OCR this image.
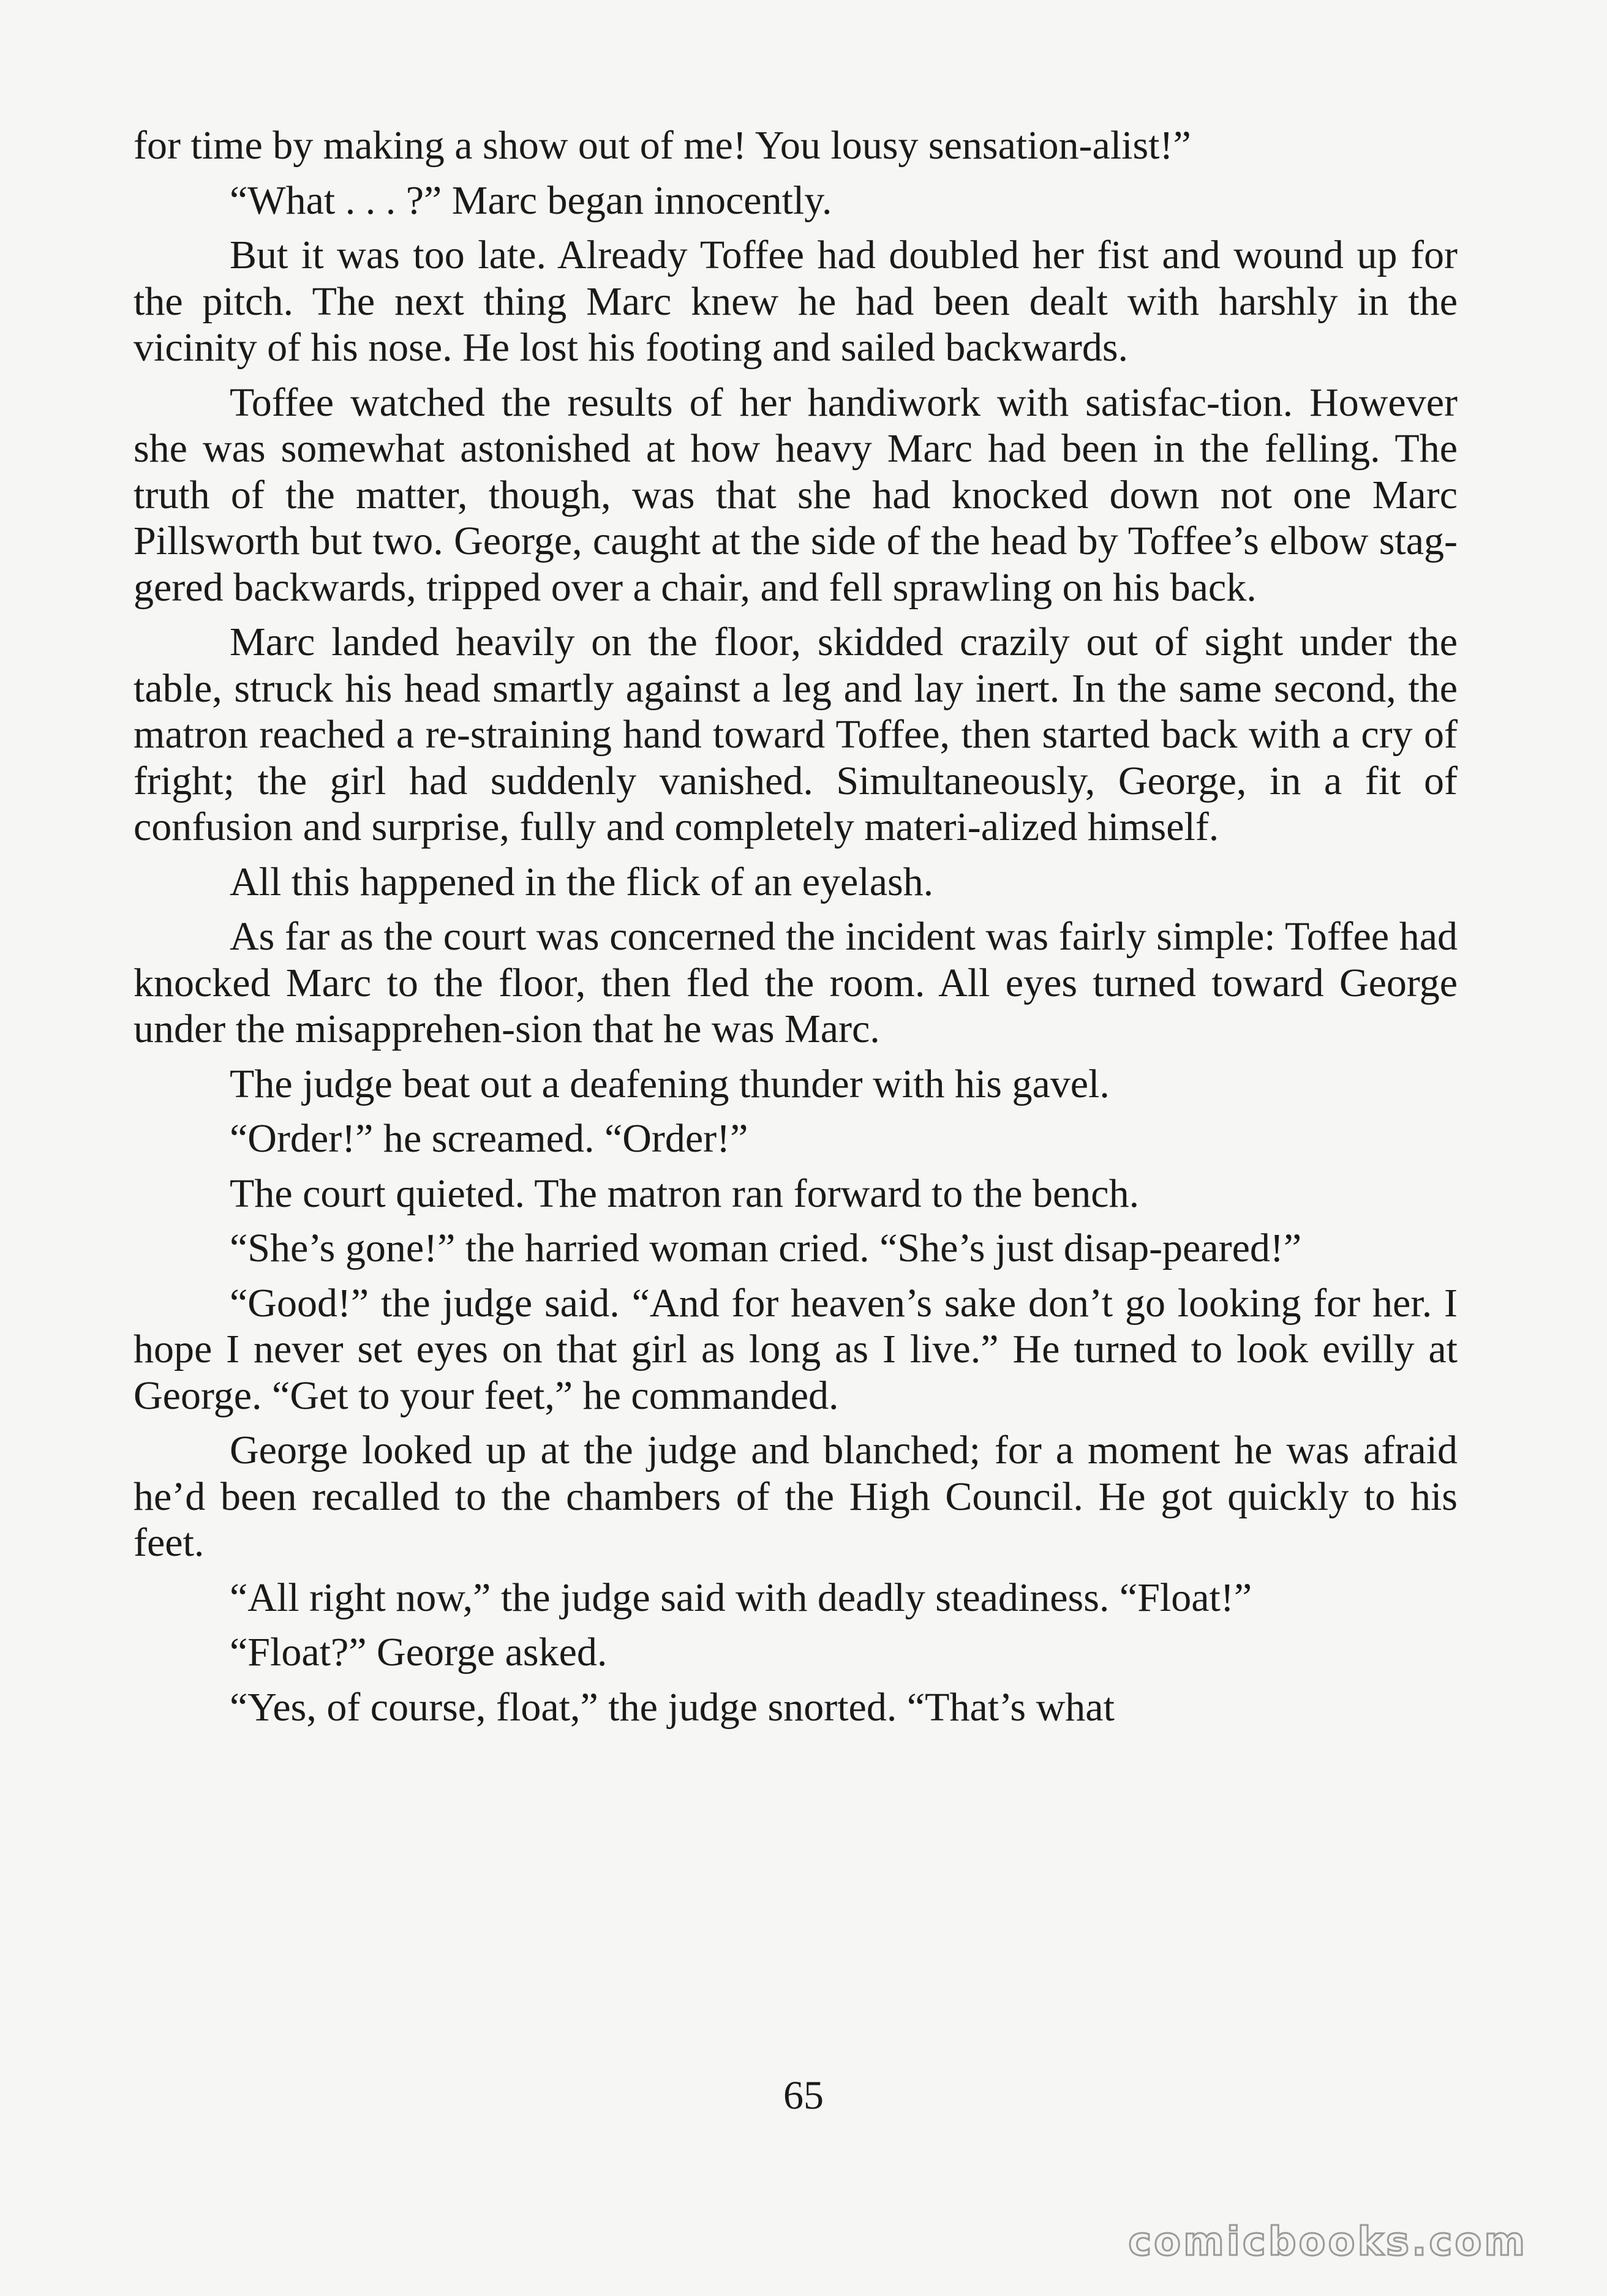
for time by making a show out of me! You lousy sensation-alist!”

“What . . . ?” Marc began innocently.

But it was too late. Already Toffee had doubled her fist and wound up for the pitch. The next thing Marc knew he had been dealt with harshly in the vicinity of his nose. He lost his footing and sailed backwards.

Toffee watched the results of her handiwork with satisfac-tion. However she was somewhat astonished at how heavy Marc had been in the felling. The truth of the matter, though, was that she had knocked down not one Marc Pillsworth but two. George, caught at the side of the head by Toffee’s elbow stag-gered backwards, tripped over a chair, and fell sprawling on his back.

Marc landed heavily on the floor, skidded crazily out of sight under the table, struck his head smartly against a leg and lay inert. In the same second, the matron reached a re-straining hand toward Toffee, then started back with a cry of fright; the girl had suddenly vanished. Simultaneously, George, in a fit of confusion and surprise, fully and completely materi-alized himself.

All this happened in the flick of an eyelash.

As far as the court was concerned the incident was fairly simple: Toffee had knocked Marc to the floor, then fled the room. All eyes turned toward George under the misapprehen-sion that he was Marc.

The judge beat out a deafening thunder with his gavel.

“Order!” he screamed. “Order!”

The court quieted. The matron ran forward to the bench.

“She’s gone!” the harried woman cried. “She’s just disap-peared!”

“Good!” the judge said. “And for heaven’s sake don’t go looking for her. I hope I never set eyes on that girl as long as I live.” He turned to look evilly at George. “Get to your feet,” he commanded.

George looked up at the judge and blanched; for a moment he was afraid he’d been recalled to the chambers of the High Council. He got quickly to his feet.

“All right now,” the judge said with deadly steadiness. “Float!”

“Float?” George asked.

“Yes, of course, float,” the judge snorted. “That’s what

65
comicbooks.com
